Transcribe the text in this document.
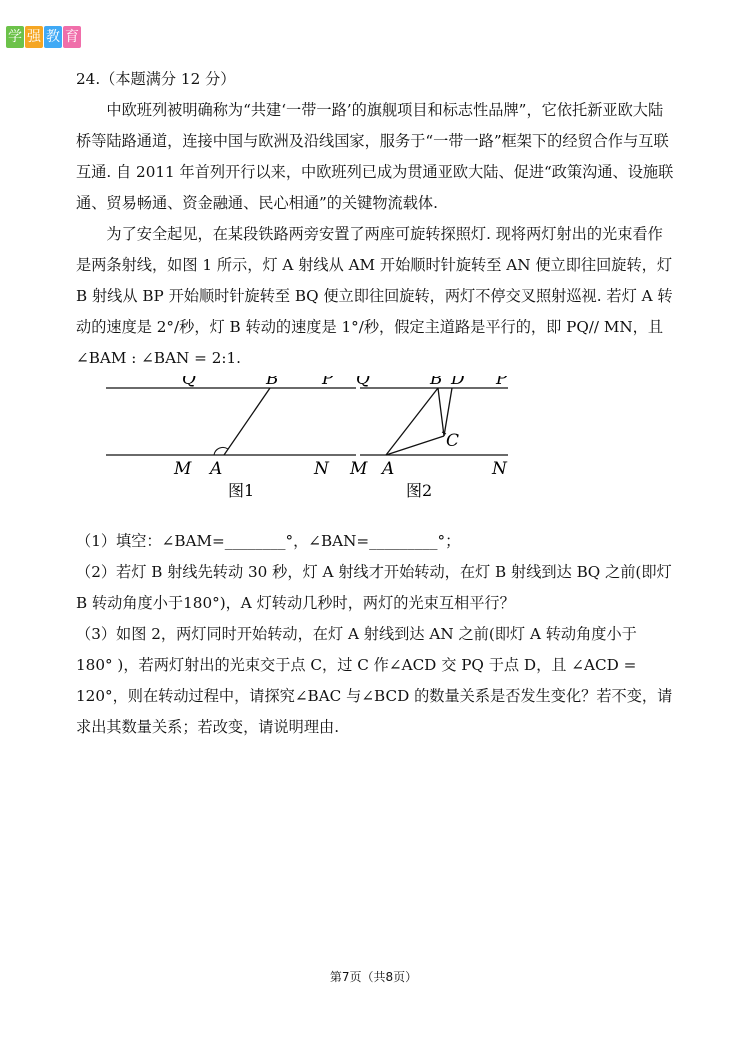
学 强 教 育

24.（本题满分 12 分）

中欧班列被明确称为“共建‘一带一路’的旗舰项目和标志性品牌”，它依托新亚欧大陆桥等陆路通道，连接中国与欧洲及沿线国家，服务于“一带一路”框架下的经贸合作与互联互通. 自 2011 年首列开行以来，中欧班列已成为贯通亚欧大陆、促进“政策沟通、设施联通、贸易畅通、资金融通、民心相通”的关键物流载体.

为了安全起见，在某段铁路两旁安置了两座可旋转探照灯. 现将两灯射出的光束看作是两条射线，如图 1 所示，灯 A 射线从 AM 开始顺时针旋转至 AN 便立即往回旋转，灯 B 射线从 BP 开始顺时针旋转至 BQ 便立即往回旋转，两灯不停交叉照射巡视. 若灯 A 转动的速度是 2°/秒，灯 B 转动的速度是 1°/秒，假定主道路是平行的，即 PQ// MN，且 ∠BAM : ∠BAN = 2:1.

Q	B	P
M A	N
图1
Q	B D P
C
M A	N
图2

（1）填空：∠BAM=________°，∠BAN=_________°；

（2）若灯 B 射线先转动 30 秒，灯 A 射线才开始转动，在灯 B 射线到达 BQ 之前(即灯 B 转动角度小于180°)，A 灯转动几秒时，两灯的光束互相平行？

（3）如图 2，两灯同时开始转动，在灯 A 射线到达 AN 之前(即灯 A 转动角度小于 180° )，若两灯射出的光束交于点 C，过 C 作∠ACD 交 PQ 于点 D，且 ∠ACD = 120°，则在转动过程中，请探究∠BAC 与∠BCD 的数量关系是否发生变化？若不变，请求出其数量关系；若改变，请说明理由.

第7页（共8页）
